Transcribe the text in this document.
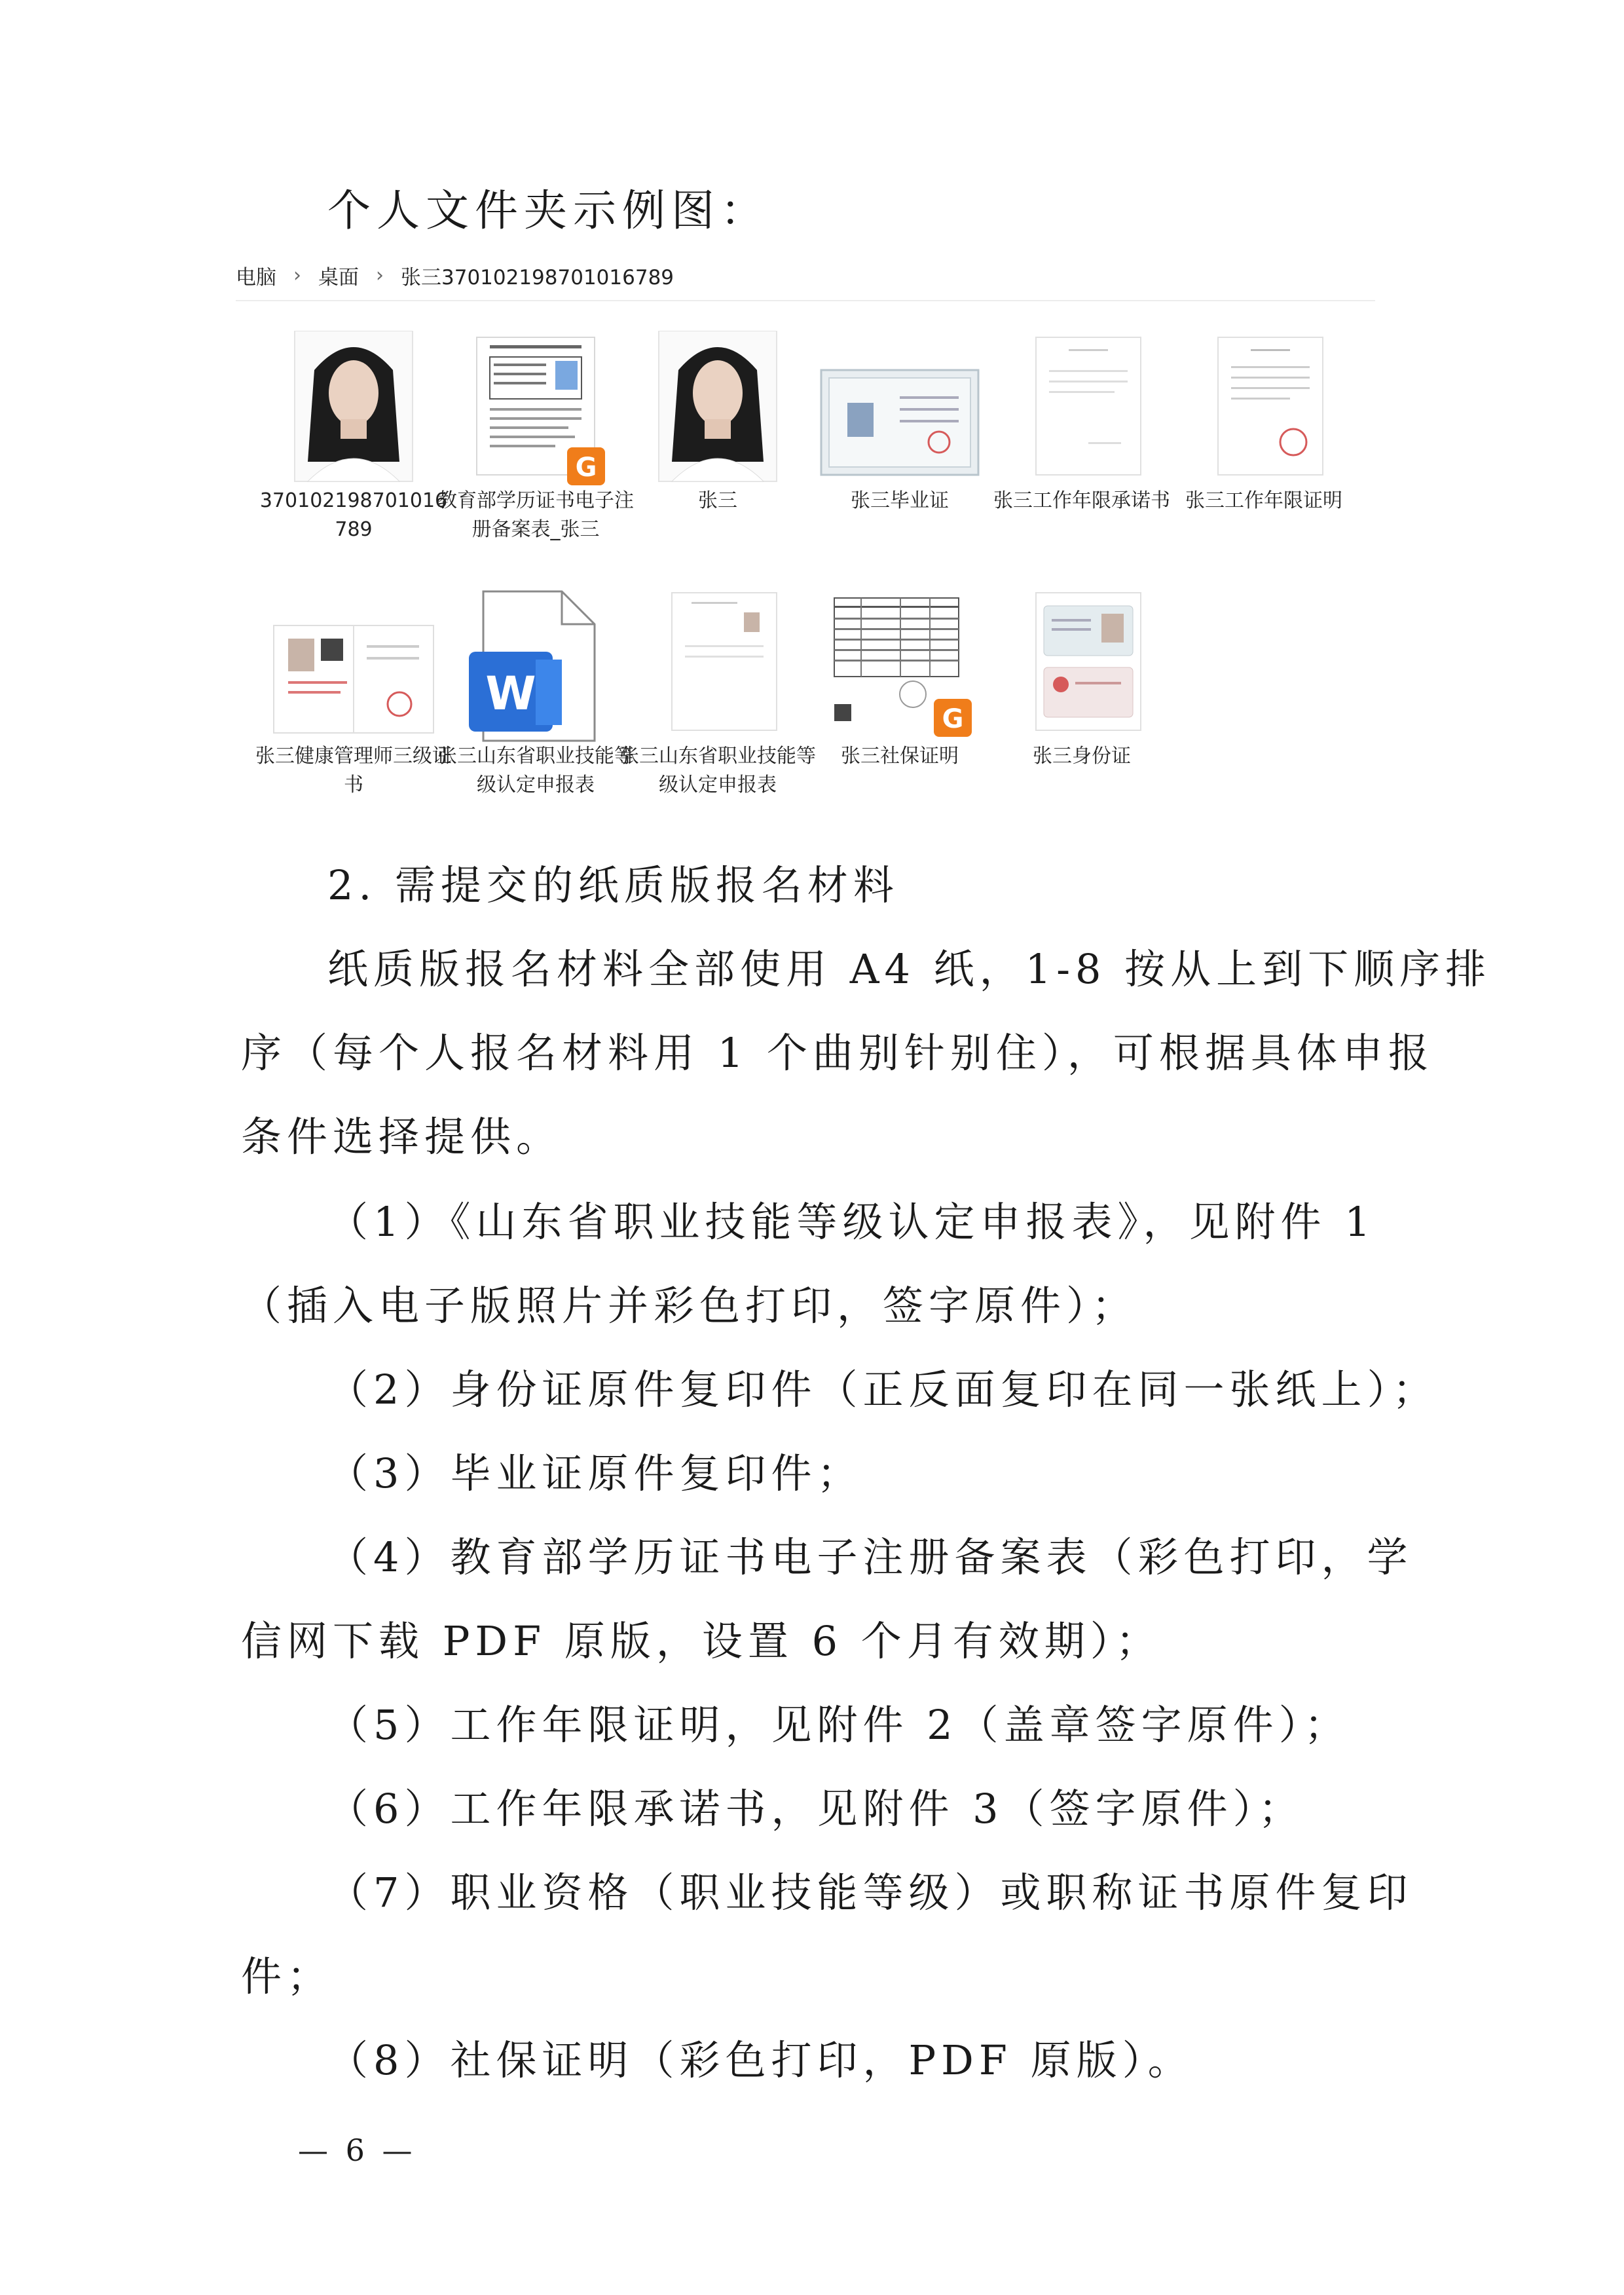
个人文件夹示例图：
电脑 › 桌面 › 张三370102198701016789
370102198701016789
G
教育部学历证书电子注册备案表_张三
张三	张三毕业证	张三工作年限承诺书 张三工作年限证明
张三健康管理师三级证书
W
张三山东省职业技能等级认定申报表
张三山东省职业技能等级认定申报表
G
张三社保证明	张三身份证
2. 需提交的纸质版报名材料
纸质版报名材料全部使用 A4 纸，1-8 按从上到下顺序排
序（每个人报名材料用 1 个曲别针别住），可根据具体申报
条件选择提供。
（1）《山东省职业技能等级认定申报表》，见附件 1
（插入电子版照片并彩色打印，签字原件）；
（2）身份证原件复印件（正反面复印在同一张纸上）；
（3）毕业证原件复印件；
（4）教育部学历证书电子注册备案表（彩色打印，学
信网下载 PDF 原版，设置 6 个月有效期）；
（5）工作年限证明，见附件 2（盖章签字原件）；
（6）工作年限承诺书，见附件 3（签字原件）；
（7）职业资格（职业技能等级）或职称证书原件复印
件；
（8）社保证明（彩色打印，PDF 原版）。
— 6 —
